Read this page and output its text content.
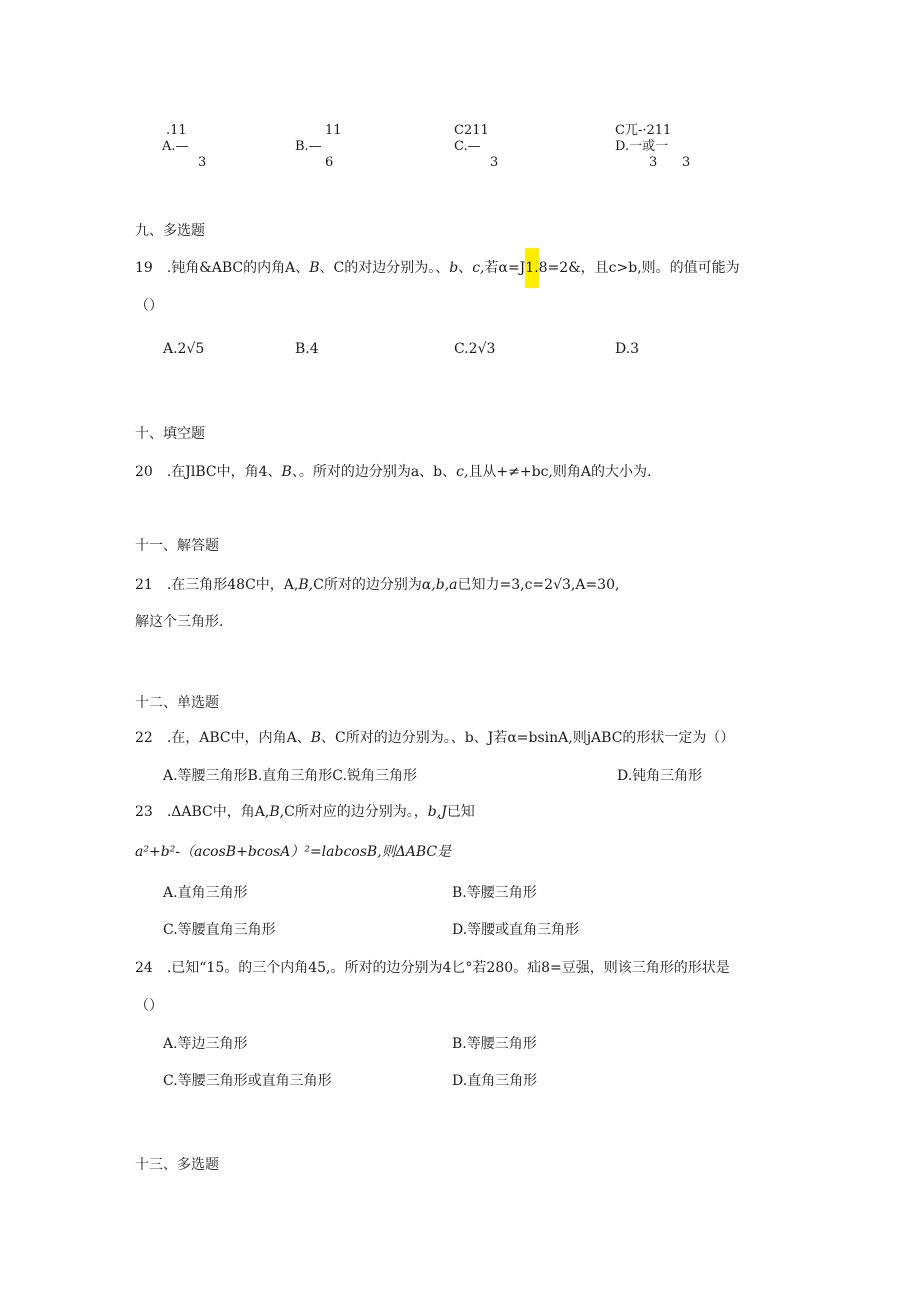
.11
A.—
3
11
B.—
6
C211
C.—
3
C兀-·211
D.一或一
3 3
九、多选题
19　.钝角&ABC的内角A、B、C的对边分别为。、b、c,若α=J1.8=2&，且c>b,则。的值可能为
（）
A.2√5	B.4	C.2√3	D.3
十、填空题
20　.在JlBC中，角4、B、。所对的边分别为a、b、c,且从+≠+bc,则角A的大小为.
十一、解答题
21　.在三角形48C中，A,B,C所对的边分别为α,b,a已知力=3,c=2√3,A=30,
解这个三角形.
十二、单选题
22　.在，ABC中，内角A、B、C所对的边分别为。、b、J若α=bsinA,则jABC的形状一定为（）
A.等腰三角形B.直角三角形C.锐角三角形	D.钝角三角形
23　.ΔABC中，角A,B,C所对应的边分别为。，b,J已知
a²+b²-（acosB+bcosA）²=labcosB,则ΔABC是
A.直角三角形	B.等腰三角形
C.等腰直角三角形	D.等腰或直角三角形
24　.已知“15。的三个内角45,。所对的边分别为4匕°若280。疝8=豆强，则该三角形的形状是
（）
A.等边三角形	B.等腰三角形
C.等腰三角形或直角三角形	D.直角三角形
十三、多选题
